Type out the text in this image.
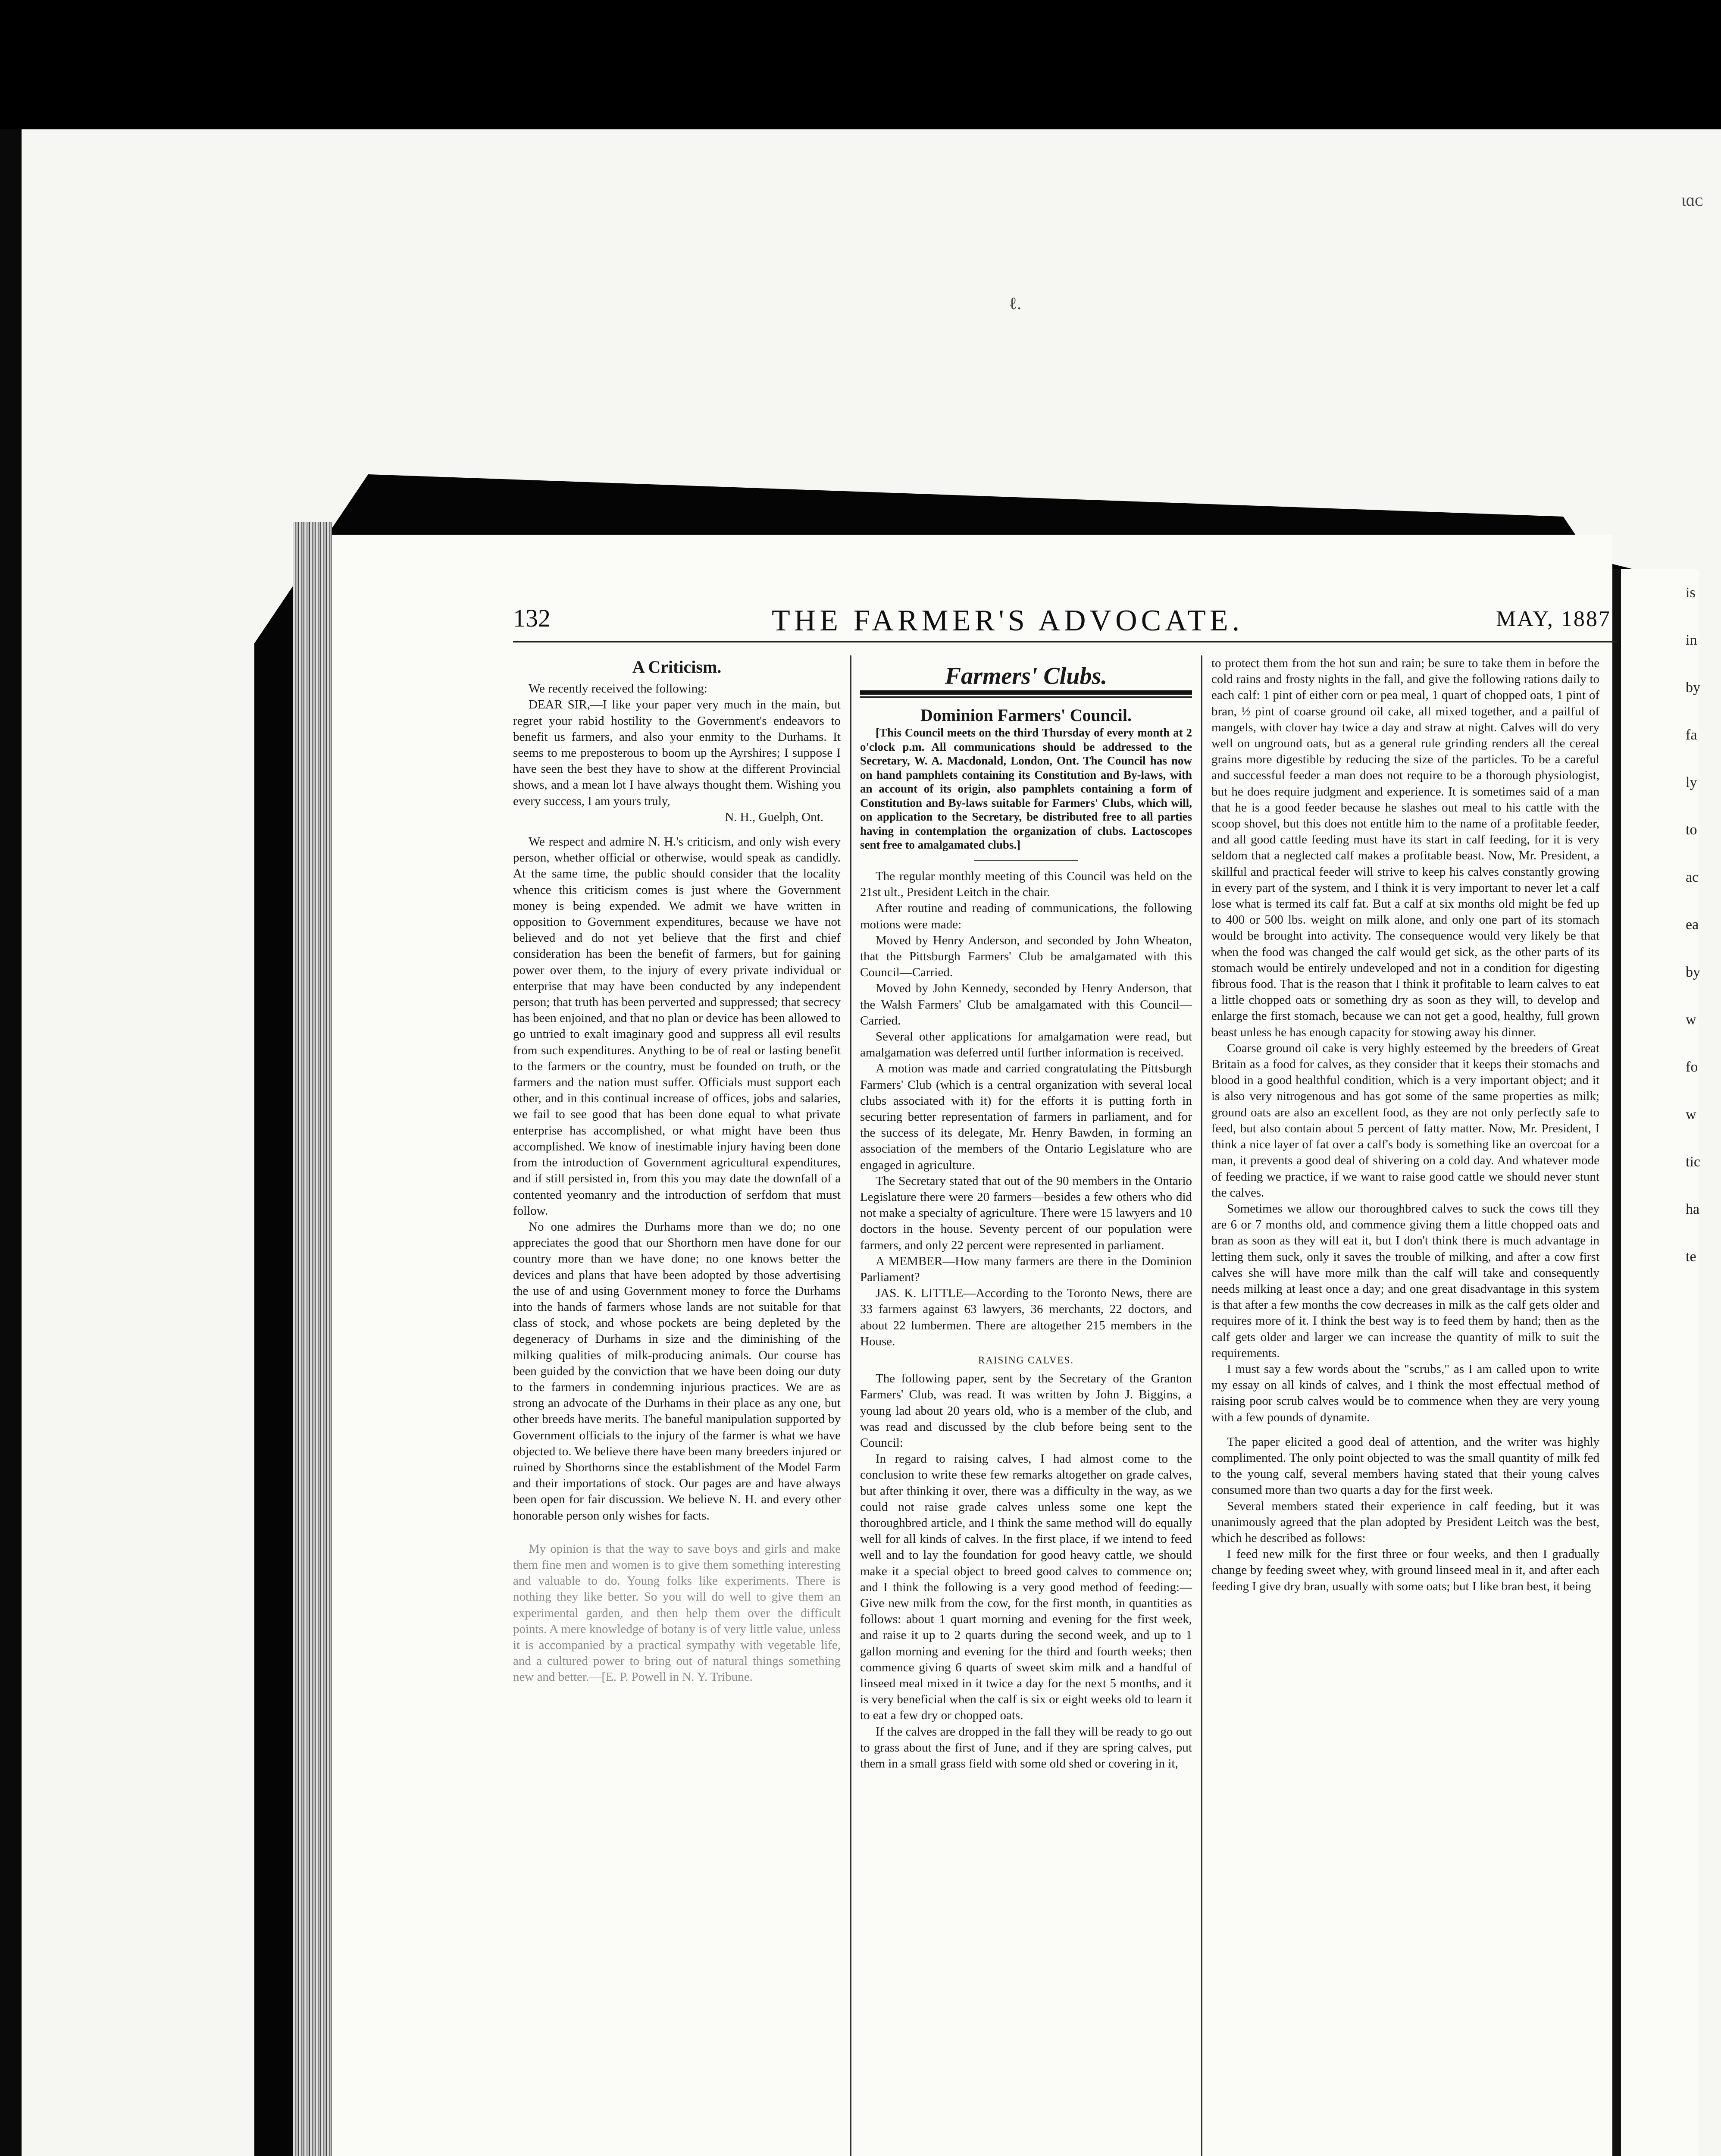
ιɑᴄ
ℓ.
is
in
by
fa
ly
to
ac
ea
by
w
fo
w
tic
ha
te
132	THE FARMER'S ADVOCATE.	MAY, 1887
A Criticism.

We recently received the following:

DEAR SIR,—I like your paper very much in the main, but regret your rabid hostility to the Government's endeavors to benefit us farmers, and also your enmity to the Durhams. It seems to me preposterous to boom up the Ayrshires; I suppose I have seen the best they have to show at the different Provincial shows, and a mean lot I have always thought them. Wishing you every success, I am yours truly,

N. H., Guelph, Ont.

We respect and admire N. H.'s criticism, and only wish every person, whether official or otherwise, would speak as candidly. At the same time, the public should consider that the locality whence this criticism comes is just where the Government money is being expended. We admit we have written in opposition to Government expenditures, because we have not believed and do not yet believe that the first and chief consideration has been the benefit of farmers, but for gaining power over them, to the injury of every private individual or enterprise that may have been conducted by any independent person; that truth has been perverted and suppressed; that secrecy has been enjoined, and that no plan or device has been allowed to go untried to exalt imaginary good and suppress all evil results from such expenditures. Anything to be of real or lasting benefit to the farmers or the country, must be founded on truth, or the farmers and the nation must suffer. Officials must support each other, and in this continual increase of offices, jobs and salaries, we fail to see good that has been done equal to what private enterprise has accomplished, or what might have been thus accomplished. We know of inestimable injury having been done from the introduction of Government agricultural expenditures, and if still persisted in, from this you may date the downfall of a contented yeomanry and the introduction of serfdom that must follow.

No one admires the Durhams more than we do; no one appreciates the good that our Shorthorn men have done for our country more than we have done; no one knows better the devices and plans that have been adopted by those advertising the use of and using Government money to force the Durhams into the hands of farmers whose lands are not suitable for that class of stock, and whose pockets are being depleted by the degeneracy of Durhams in size and the diminishing of the milking qualities of milk-producing animals. Our course has been guided by the conviction that we have been doing our duty to the farmers in condemning injurious practices. We are as strong an advocate of the Durhams in their place as any one, but other breeds have merits. The baneful manipulation supported by Government officials to the injury of the farmer is what we have objected to. We believe there have been many breeders injured or ruined by Shorthorns since the establishment of the Model Farm and their importations of stock. Our pages are and have always been open for fair discussion. We believe N. H. and every other honorable person only wishes for facts.

My opinion is that the way to save boys and girls and make them fine men and women is to give them something interesting and valuable to do. Young folks like experiments. There is nothing they like better. So you will do well to give them an experimental garden, and then help them over the difficult points. A mere knowledge of botany is of very little value, unless it is accompanied by a practical sympathy with vegetable life, and a cultured power to bring out of natural things something new and better.—[E. P. Powell in N. Y. Tribune.

Farmers' Clubs.
Dominion Farmers' Council.

[This Council meets on the third Thursday of every month at 2 o'clock p.m. All communications should be addressed to the Secretary, W. A. Macdonald, London, Ont. The Council has now on hand pamphlets containing its Constitution and By-laws, with an account of its origin, also pamphlets containing a form of Constitution and By-laws suitable for Farmers' Clubs, which will, on application to the Secretary, be distributed free to all parties having in contemplation the organization of clubs. Lactoscopes sent free to amalgamated clubs.]

The regular monthly meeting of this Council was held on the 21st ult., President Leitch in the chair.

After routine and reading of communications, the following motions were made:

Moved by Henry Anderson, and seconded by John Wheaton, that the Pittsburgh Farmers' Club be amalgamated with this Council—Carried.

Moved by John Kennedy, seconded by Henry Anderson, that the Walsh Farmers' Club be amalgamated with this Council—Carried.

Several other applications for amalgamation were read, but amalgamation was deferred until further information is received.

A motion was made and carried congratulating the Pittsburgh Farmers' Club (which is a central organization with several local clubs associated with it) for the efforts it is putting forth in securing better representation of farmers in parliament, and for the success of its delegate, Mr. Henry Bawden, in forming an association of the members of the Ontario Legislature who are engaged in agriculture.

The Secretary stated that out of the 90 members in the Ontario Legislature there were 20 farmers—besides a few others who did not make a specialty of agriculture. There were 15 lawyers and 10 doctors in the house. Seventy percent of our population were farmers, and only 22 percent were represented in parliament.

A MEMBER—How many farmers are there in the Dominion Parliament?

JAS. K. LITTLE—According to the Toronto News, there are 33 farmers against 63 lawyers, 36 merchants, 22 doctors, and about 22 lumbermen. There are altogether 215 members in the House.

RAISING CALVES.

The following paper, sent by the Secretary of the Granton Farmers' Club, was read. It was written by John J. Biggins, a young lad about 20 years old, who is a member of the club, and was read and discussed by the club before being sent to the Council:

In regard to raising calves, I had almost come to the conclusion to write these few remarks altogether on grade calves, but after thinking it over, there was a difficulty in the way, as we could not raise grade calves unless some one kept the thoroughbred article, and I think the same method will do equally well for all kinds of calves. In the first place, if we intend to feed well and to lay the foundation for good heavy cattle, we should make it a special object to breed good calves to commence on; and I think the following is a very good method of feeding:—Give new milk from the cow, for the first month, in quantities as follows: about 1 quart morning and evening for the first week, and raise it up to 2 quarts during the second week, and up to 1 gallon morning and evening for the third and fourth weeks; then commence giving 6 quarts of sweet skim milk and a handful of linseed meal mixed in it twice a day for the next 5 months, and it is very beneficial when the calf is six or eight weeks old to learn it to eat a few dry or chopped oats.

If the calves are dropped in the fall they will be ready to go out to grass about the first of June, and if they are spring calves, put them in a small grass field with some old shed or covering in it,

to protect them from the hot sun and rain; be sure to take them in before the cold rains and frosty nights in the fall, and give the following rations daily to each calf: 1 pint of either corn or pea meal, 1 quart of chopped oats, 1 pint of bran, ½ pint of coarse ground oil cake, all mixed together, and a pailful of mangels, with clover hay twice a day and straw at night. Calves will do very well on unground oats, but as a general rule grinding renders all the cereal grains more digestible by reducing the size of the particles. To be a careful and successful feeder a man does not require to be a thorough physiologist, but he does require judgment and experience. It is sometimes said of a man that he is a good feeder because he slashes out meal to his cattle with the scoop shovel, but this does not entitle him to the name of a profitable feeder, and all good cattle feeding must have its start in calf feeding, for it is very seldom that a neglected calf makes a profitable beast. Now, Mr. President, a skillful and practical feeder will strive to keep his calves constantly growing in every part of the system, and I think it is very important to never let a calf lose what is termed its calf fat. But a calf at six months old might be fed up to 400 or 500 lbs. weight on milk alone, and only one part of its stomach would be brought into activity. The consequence would very likely be that when the food was changed the calf would get sick, as the other parts of its stomach would be entirely undeveloped and not in a condition for digesting fibrous food. That is the reason that I think it profitable to learn calves to eat a little chopped oats or something dry as soon as they will, to develop and enlarge the first stomach, because we can not get a good, healthy, full grown beast unless he has enough capacity for stowing away his dinner.

Coarse ground oil cake is very highly esteemed by the breeders of Great Britain as a food for calves, as they consider that it keeps their stomachs and blood in a good healthful condition, which is a very important object; and it is also very nitrogenous and has got some of the same properties as milk; ground oats are also an excellent food, as they are not only perfectly safe to feed, but also contain about 5 percent of fatty matter. Now, Mr. President, I think a nice layer of fat over a calf's body is something like an overcoat for a man, it prevents a good deal of shivering on a cold day. And whatever mode of feeding we practice, if we want to raise good cattle we should never stunt the calves.

Sometimes we allow our thoroughbred calves to suck the cows till they are 6 or 7 months old, and commence giving them a little chopped oats and bran as soon as they will eat it, but I don't think there is much advantage in letting them suck, only it saves the trouble of milking, and after a cow first calves she will have more milk than the calf will take and consequently needs milking at least once a day; and one great disadvantage in this system is that after a few months the cow decreases in milk as the calf gets older and requires more of it. I think the best way is to feed them by hand; then as the calf gets older and larger we can increase the quantity of milk to suit the requirements.

I must say a few words about the "scrubs," as I am called upon to write my essay on all kinds of calves, and I think the most effectual method of raising poor scrub calves would be to commence when they are very young with a few pounds of dynamite.

The paper elicited a good deal of attention, and the writer was highly complimented. The only point objected to was the small quantity of milk fed to the young calf, several members having stated that their young calves consumed more than two quarts a day for the first week.

Several members stated their experience in calf feeding, but it was unanimously agreed that the plan adopted by President Leitch was the best, which he described as follows:

I feed new milk for the first three or four weeks, and then I gradually change by feeding sweet whey, with ground linseed meal in it, and after each feeding I give dry bran, usually with some oats; but I like bran best, it being
